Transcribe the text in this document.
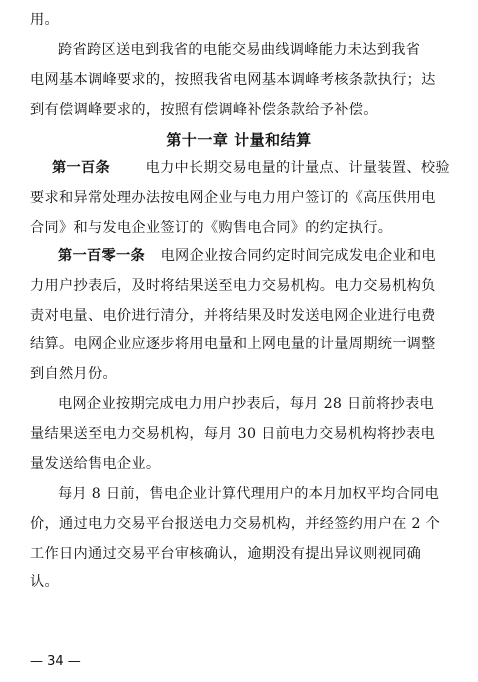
用。
跨省跨区送电到我省的电能交易曲线调峰能力未达到我省
电网基本调峰要求的，按照我省电网基本调峰考核条款执行；达
到有偿调峰要求的，按照有偿调峰补偿条款给予补偿。
第十一章 计量和结算
第一百条	电力中长期交易电量的计量点、计量装置、校验
要求和异常处理办法按电网企业与电力用户签订的《高压供用电
合同》和与发电企业签订的《购售电合同》的约定执行。
第一百零一条 电网企业按合同约定时间完成发电企业和电
力用户抄表后，及时将结果送至电力交易机构。电力交易机构负
责对电量、电价进行清分，并将结果及时发送电网企业进行电费
结算。电网企业应逐步将用电量和上网电量的计量周期统一调整
到自然月份。
电网企业按期完成电力用户抄表后，每月 28 日前将抄表电
量结果送至电力交易机构，每月 30 日前电力交易机构将抄表电
量发送给售电企业。
每月 8 日前，售电企业计算代理用户的本月加权平均合同电
价，通过电力交易平台报送电力交易机构，并经签约用户在 2 个
工作日内通过交易平台审核确认，逾期没有提出异议则视同确
认。
— 34 —
